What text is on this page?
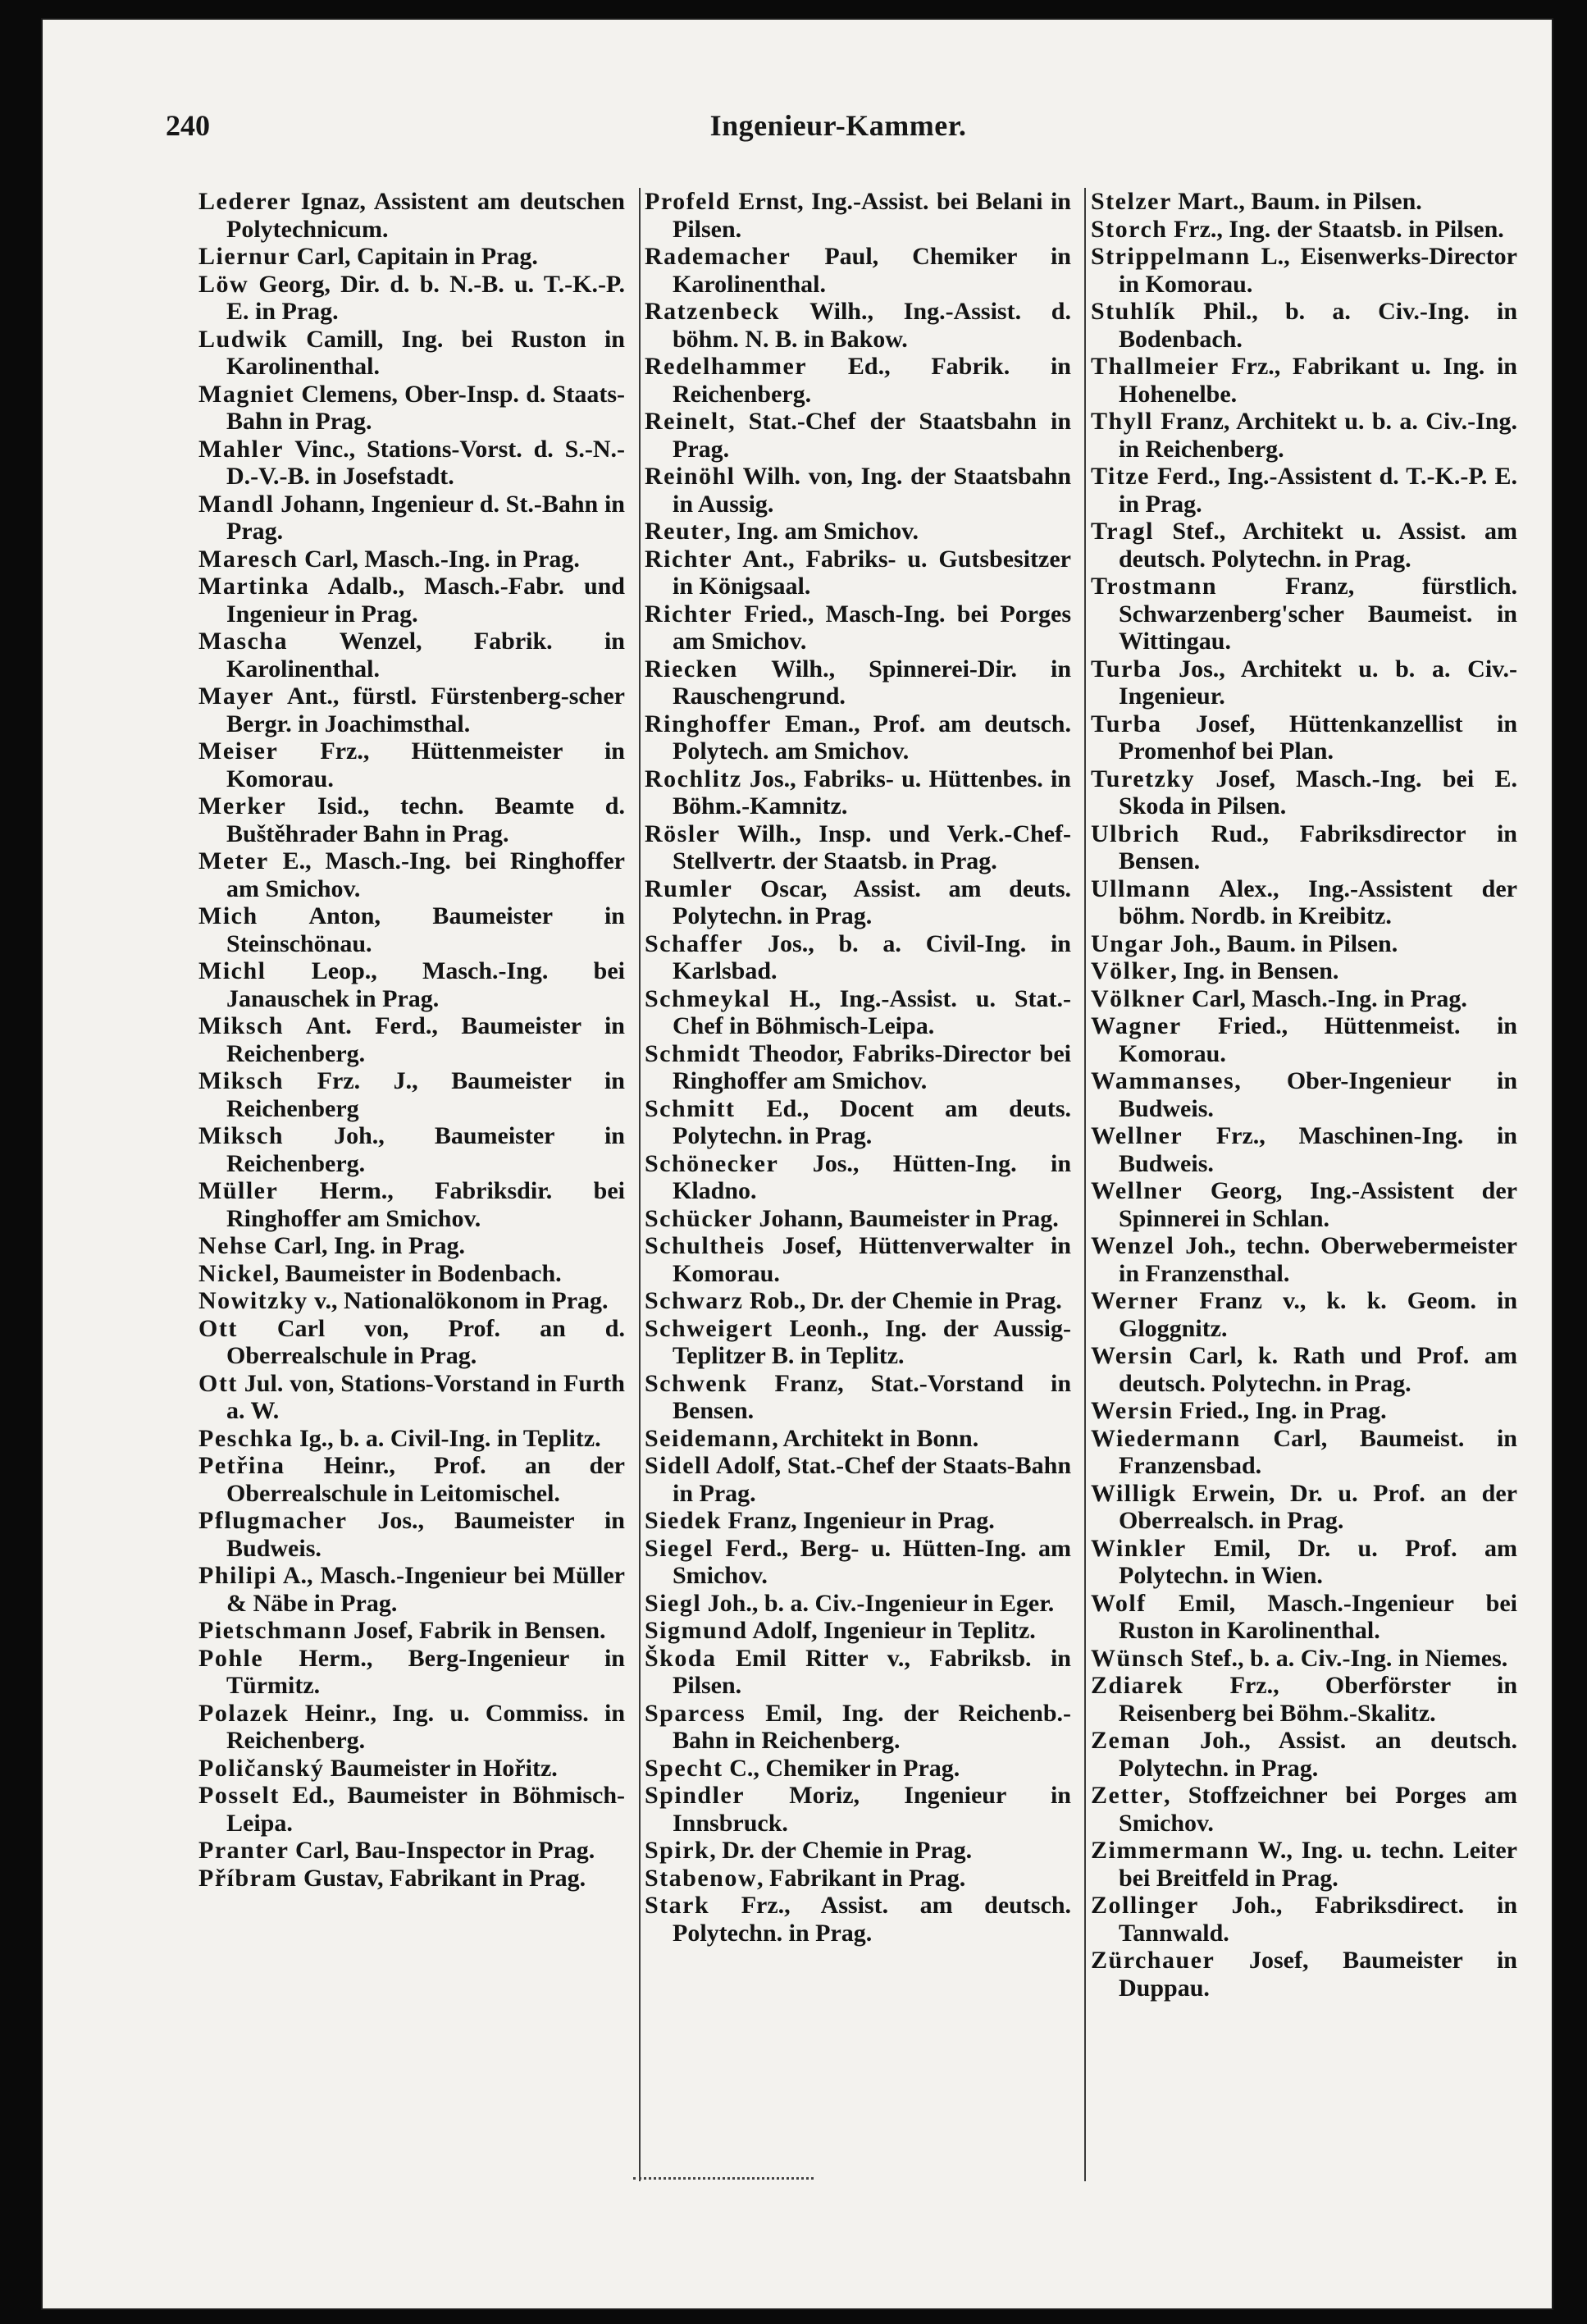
240	Ingenieur-Kammer.

Lederer Ignaz, Assistent am deutschen Polytechnicum.

Liernur Carl, Capitain in Prag.

Löw Georg, Dir. d. b. N.-B. u. T.-K.-P. E. in Prag.

Ludwik Camill, Ing. bei Ruston in Karolinenthal.

Magniet Clemens, Ober-Insp. d. Staats-Bahn in Prag.

Mahler Vinc., Stations-Vorst. d. S.-N.-D.-V.-B. in Josefstadt.

Mandl Johann, Ingenieur d. St.-Bahn in Prag.

Maresch Carl, Masch.-Ing. in Prag.

Martinka Adalb., Masch.-Fabr. und Ingenieur in Prag.

Mascha Wenzel, Fabrik. in Karolinenthal.

Mayer Ant., fürstl. Fürstenberg-scher Bergr. in Joachimsthal.

Meiser Frz., Hüttenmeister in Komorau.

Merker Isid., techn. Beamte d. Buštěhrader Bahn in Prag.

Meter E., Masch.-Ing. bei Ringhoffer am Smichov.

Mich Anton, Baumeister in Steinschönau.

Michl Leop., Masch.-Ing. bei Janauschek in Prag.

Miksch Ant. Ferd., Baumeister in Reichenberg.

Miksch Frz. J., Baumeister in Reichenberg

Miksch Joh., Baumeister in Reichenberg.

Müller Herm., Fabriksdir. bei Ringhoffer am Smichov.

Nehse Carl, Ing. in Prag.

Nickel, Baumeister in Bodenbach.

Nowitzky v., Nationalökonom in Prag.

Ott Carl von, Prof. an d. Oberrealschule in Prag.

Ott Jul. von, Stations-Vorstand in Furth a. W.

Peschka Ig., b. a. Civil-Ing. in Teplitz.

Petřina Heinr., Prof. an der Oberrealschule in Leitomischel.

Pflugmacher Jos., Baumeister in Budweis.

Philipi A., Masch.-Ingenieur bei Müller & Näbe in Prag.

Pietschmann Josef, Fabrik in Bensen.

Pohle Herm., Berg-Ingenieur in Türmitz.

Polazek Heinr., Ing. u. Commiss. in Reichenberg.

Poličanský Baumeister in Hořitz.

Posselt Ed., Baumeister in Böhmisch-Leipa.

Pranter Carl, Bau-Inspector in Prag.

Příbram Gustav, Fabrikant in Prag.

Profeld Ernst, Ing.-Assist. bei Belani in Pilsen.

Rademacher Paul, Chemiker in Karolinenthal.

Ratzenbeck Wilh., Ing.-Assist. d. böhm. N. B. in Bakow.

Redelhammer Ed., Fabrik. in Reichenberg.

Reinelt, Stat.-Chef der Staatsbahn in Prag.

Reinöhl Wilh. von, Ing. der Staatsbahn in Aussig.

Reuter, Ing. am Smichov.

Richter Ant., Fabriks- u. Gutsbesitzer in Königsaal.

Richter Fried., Masch-Ing. bei Porges am Smichov.

Riecken Wilh., Spinnerei-Dir. in Rauschengrund.

Ringhoffer Eman., Prof. am deutsch. Polytech. am Smichov.

Rochlitz Jos., Fabriks- u. Hüttenbes. in Böhm.-Kamnitz.

Rösler Wilh., Insp. und Verk.-Chef-Stellvertr. der Staatsb. in Prag.

Rumler Oscar, Assist. am deuts. Polytechn. in Prag.

Schaffer Jos., b. a. Civil-Ing. in Karlsbad.

Schmeykal H., Ing.-Assist. u. Stat.-Chef in Böhmisch-Leipa.

Schmidt Theodor, Fabriks-Director bei Ringhoffer am Smichov.

Schmitt Ed., Docent am deuts. Polytechn. in Prag.

Schönecker Jos., Hütten-Ing. in Kladno.

Schücker Johann, Baumeister in Prag.

Schultheis Josef, Hüttenverwalter in Komorau.

Schwarz Rob., Dr. der Chemie in Prag.

Schweigert Leonh., Ing. der Aussig-Teplitzer B. in Teplitz.

Schwenk Franz, Stat.-Vorstand in Bensen.

Seidemann, Architekt in Bonn.

Sidell Adolf, Stat.-Chef der Staats-Bahn in Prag.

Siedek Franz, Ingenieur in Prag.

Siegel Ferd., Berg- u. Hütten-Ing. am Smichov.

Siegl Joh., b. a. Civ.-Ingenieur in Eger.

Sigmund Adolf, Ingenieur in Teplitz.

Škoda Emil Ritter v., Fabriksb. in Pilsen.

Sparcess Emil, Ing. der Reichenb.-Bahn in Reichenberg.

Specht C., Chemiker in Prag.

Spindler Moriz, Ingenieur in Innsbruck.

Spirk, Dr. der Chemie in Prag.

Stabenow, Fabrikant in Prag.

Stark Frz., Assist. am deutsch. Polytechn. in Prag.

Stelzer Mart., Baum. in Pilsen.

Storch Frz., Ing. der Staatsb. in Pilsen.

Strippelmann L., Eisenwerks-Director in Komorau.

Stuhlík Phil., b. a. Civ.-Ing. in Bodenbach.

Thallmeier Frz., Fabrikant u. Ing. in Hohenelbe.

Thyll Franz, Architekt u. b. a. Civ.-Ing. in Reichenberg.

Titze Ferd., Ing.-Assistent d. T.-K.-P. E. in Prag.

Tragl Stef., Architekt u. Assist. am deutsch. Polytechn. in Prag.

Trostmann Franz, fürstlich. Schwarzenberg'scher Baumeist. in Wittingau.

Turba Jos., Architekt u. b. a. Civ.-Ingenieur.

Turba Josef, Hüttenkanzellist in Promenhof bei Plan.

Turetzky Josef, Masch.-Ing. bei E. Skoda in Pilsen.

Ulbrich Rud., Fabriksdirector in Bensen.

Ullmann Alex., Ing.-Assistent der böhm. Nordb. in Kreibitz.

Ungar Joh., Baum. in Pilsen.

Völker, Ing. in Bensen.

Völkner Carl, Masch.-Ing. in Prag.

Wagner Fried., Hüttenmeist. in Komorau.

Wammanses, Ober-Ingenieur in Budweis.

Wellner Frz., Maschinen-Ing. in Budweis.

Wellner Georg, Ing.-Assistent der Spinnerei in Schlan.

Wenzel Joh., techn. Oberwebermeister in Franzensthal.

Werner Franz v., k. k. Geom. in Gloggnitz.

Wersin Carl, k. Rath und Prof. am deutsch. Polytechn. in Prag.

Wersin Fried., Ing. in Prag.

Wiedermann Carl, Baumeist. in Franzensbad.

Willigk Erwein, Dr. u. Prof. an der Oberrealsch. in Prag.

Winkler Emil, Dr. u. Prof. am Polytechn. in Wien.

Wolf Emil, Masch.-Ingenieur bei Ruston in Karolinenthal.

Wünsch Stef., b. a. Civ.-Ing. in Niemes.

Zdiarek Frz., Oberförster in Reisenberg bei Böhm.-Skalitz.

Zeman Joh., Assist. an deutsch. Polytechn. in Prag.

Zetter, Stoffzeichner bei Porges am Smichov.

Zimmermann W., Ing. u. techn. Leiter bei Breitfeld in Prag.

Zollinger Joh., Fabriksdirect. in Tannwald.

Zürchauer Josef, Baumeister in Duppau.
